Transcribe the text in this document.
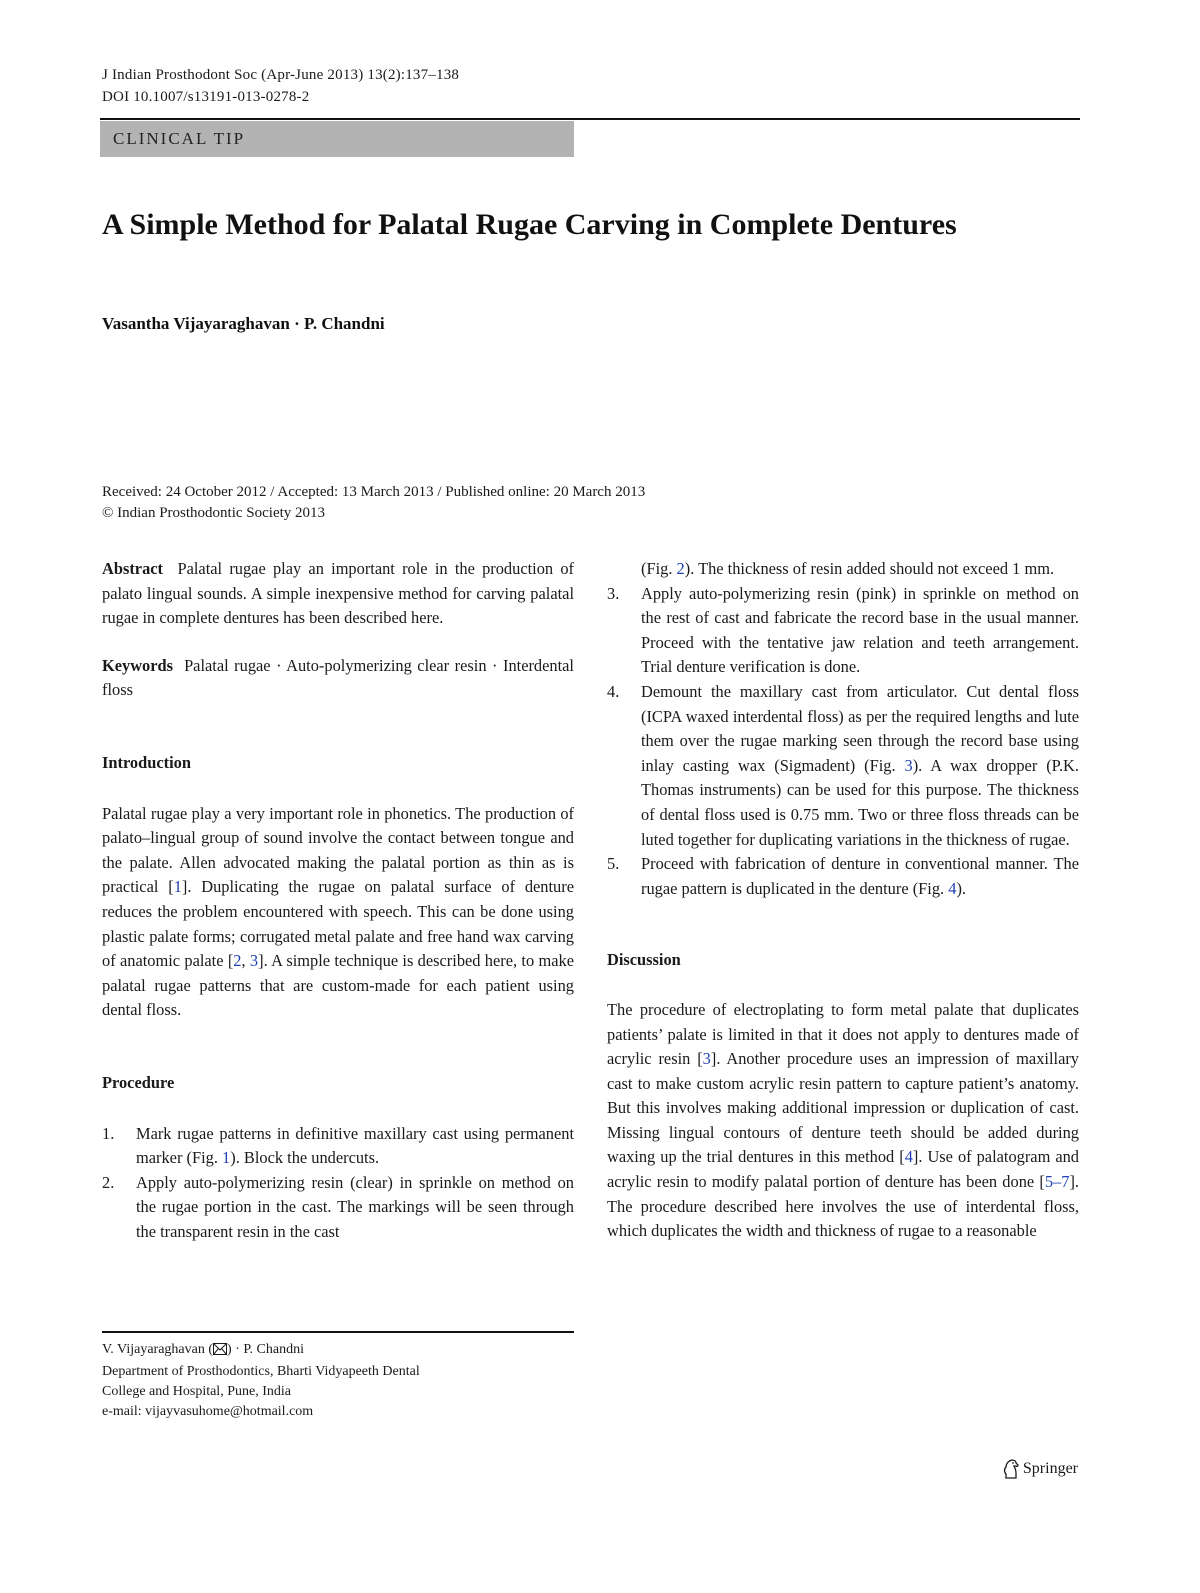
J Indian Prosthodont Soc (Apr-June 2013) 13(2):137–138
DOI 10.1007/s13191-013-0278-2
CLINICAL TIP
A Simple Method for Palatal Rugae Carving in Complete Dentures
Vasantha Vijayaraghavan · P. Chandni
Received: 24 October 2012 / Accepted: 13 March 2013 / Published online: 20 March 2013
© Indian Prosthodontic Society 2013

Abstract Palatal rugae play an important role in the production of palato lingual sounds. A simple inexpensive method for carving palatal rugae in complete dentures has been described here.

Keywords Palatal rugae · Auto-polymerizing clear resin · Interdental floss

Introduction

Palatal rugae play a very important role in phonetics. The production of palato–lingual group of sound involve the contact between tongue and the palate. Allen advocated making the palatal portion as thin as is practical [1]. Duplicating the rugae on palatal surface of denture reduces the problem encountered with speech. This can be done using plastic palate forms; corrugated metal palate and free hand wax carving of anatomic palate [2, 3]. A simple technique is described here, to make palatal rugae patterns that are custom-made for each patient using dental floss.

Procedure

1. Mark rugae patterns in definitive maxillary cast using permanent marker (Fig. 1). Block the undercuts.
2. Apply auto-polymerizing resin (clear) in sprinkle on method on the rugae portion in the cast. The markings will be seen through the transparent resin in the cast
(Fig. 2). The thickness of resin added should not exceed 1 mm.
3. Apply auto-polymerizing resin (pink) in sprinkle on method on the rest of cast and fabricate the record base in the usual manner. Proceed with the tentative jaw relation and teeth arrangement. Trial denture verification is done.
4. Demount the maxillary cast from articulator. Cut dental floss (ICPA waxed interdental floss) as per the required lengths and lute them over the rugae marking seen through the record base using inlay casting wax (Sigmadent) (Fig. 3). A wax dropper (P.K. Thomas instruments) can be used for this purpose. The thickness of dental floss used is 0.75 mm. Two or three floss threads can be luted together for duplicating variations in the thickness of rugae.
5. Proceed with fabrication of denture in conventional manner. The rugae pattern is duplicated in the denture (Fig. 4).

Discussion

The procedure of electroplating to form metal palate that duplicates patients’ palate is limited in that it does not apply to dentures made of acrylic resin [3]. Another procedure uses an impression of maxillary cast to make custom acrylic resin pattern to capture patient’s anatomy. But this involves making additional impression or duplication of cast. Missing lingual contours of denture teeth should be added during waxing up the trial dentures in this method [4]. Use of palatogram and acrylic resin to modify palatal portion of denture has been done [5–7]. The procedure described here involves the use of interdental floss, which duplicates the width and thickness of rugae to a reasonable

V. Vijayaraghavan ( ) · P. Chandni
Department of Prosthodontics, Bharti Vidyapeeth Dental
College and Hospital, Pune, India
e-mail: vijayvasuhome@hotmail.com
Springer
